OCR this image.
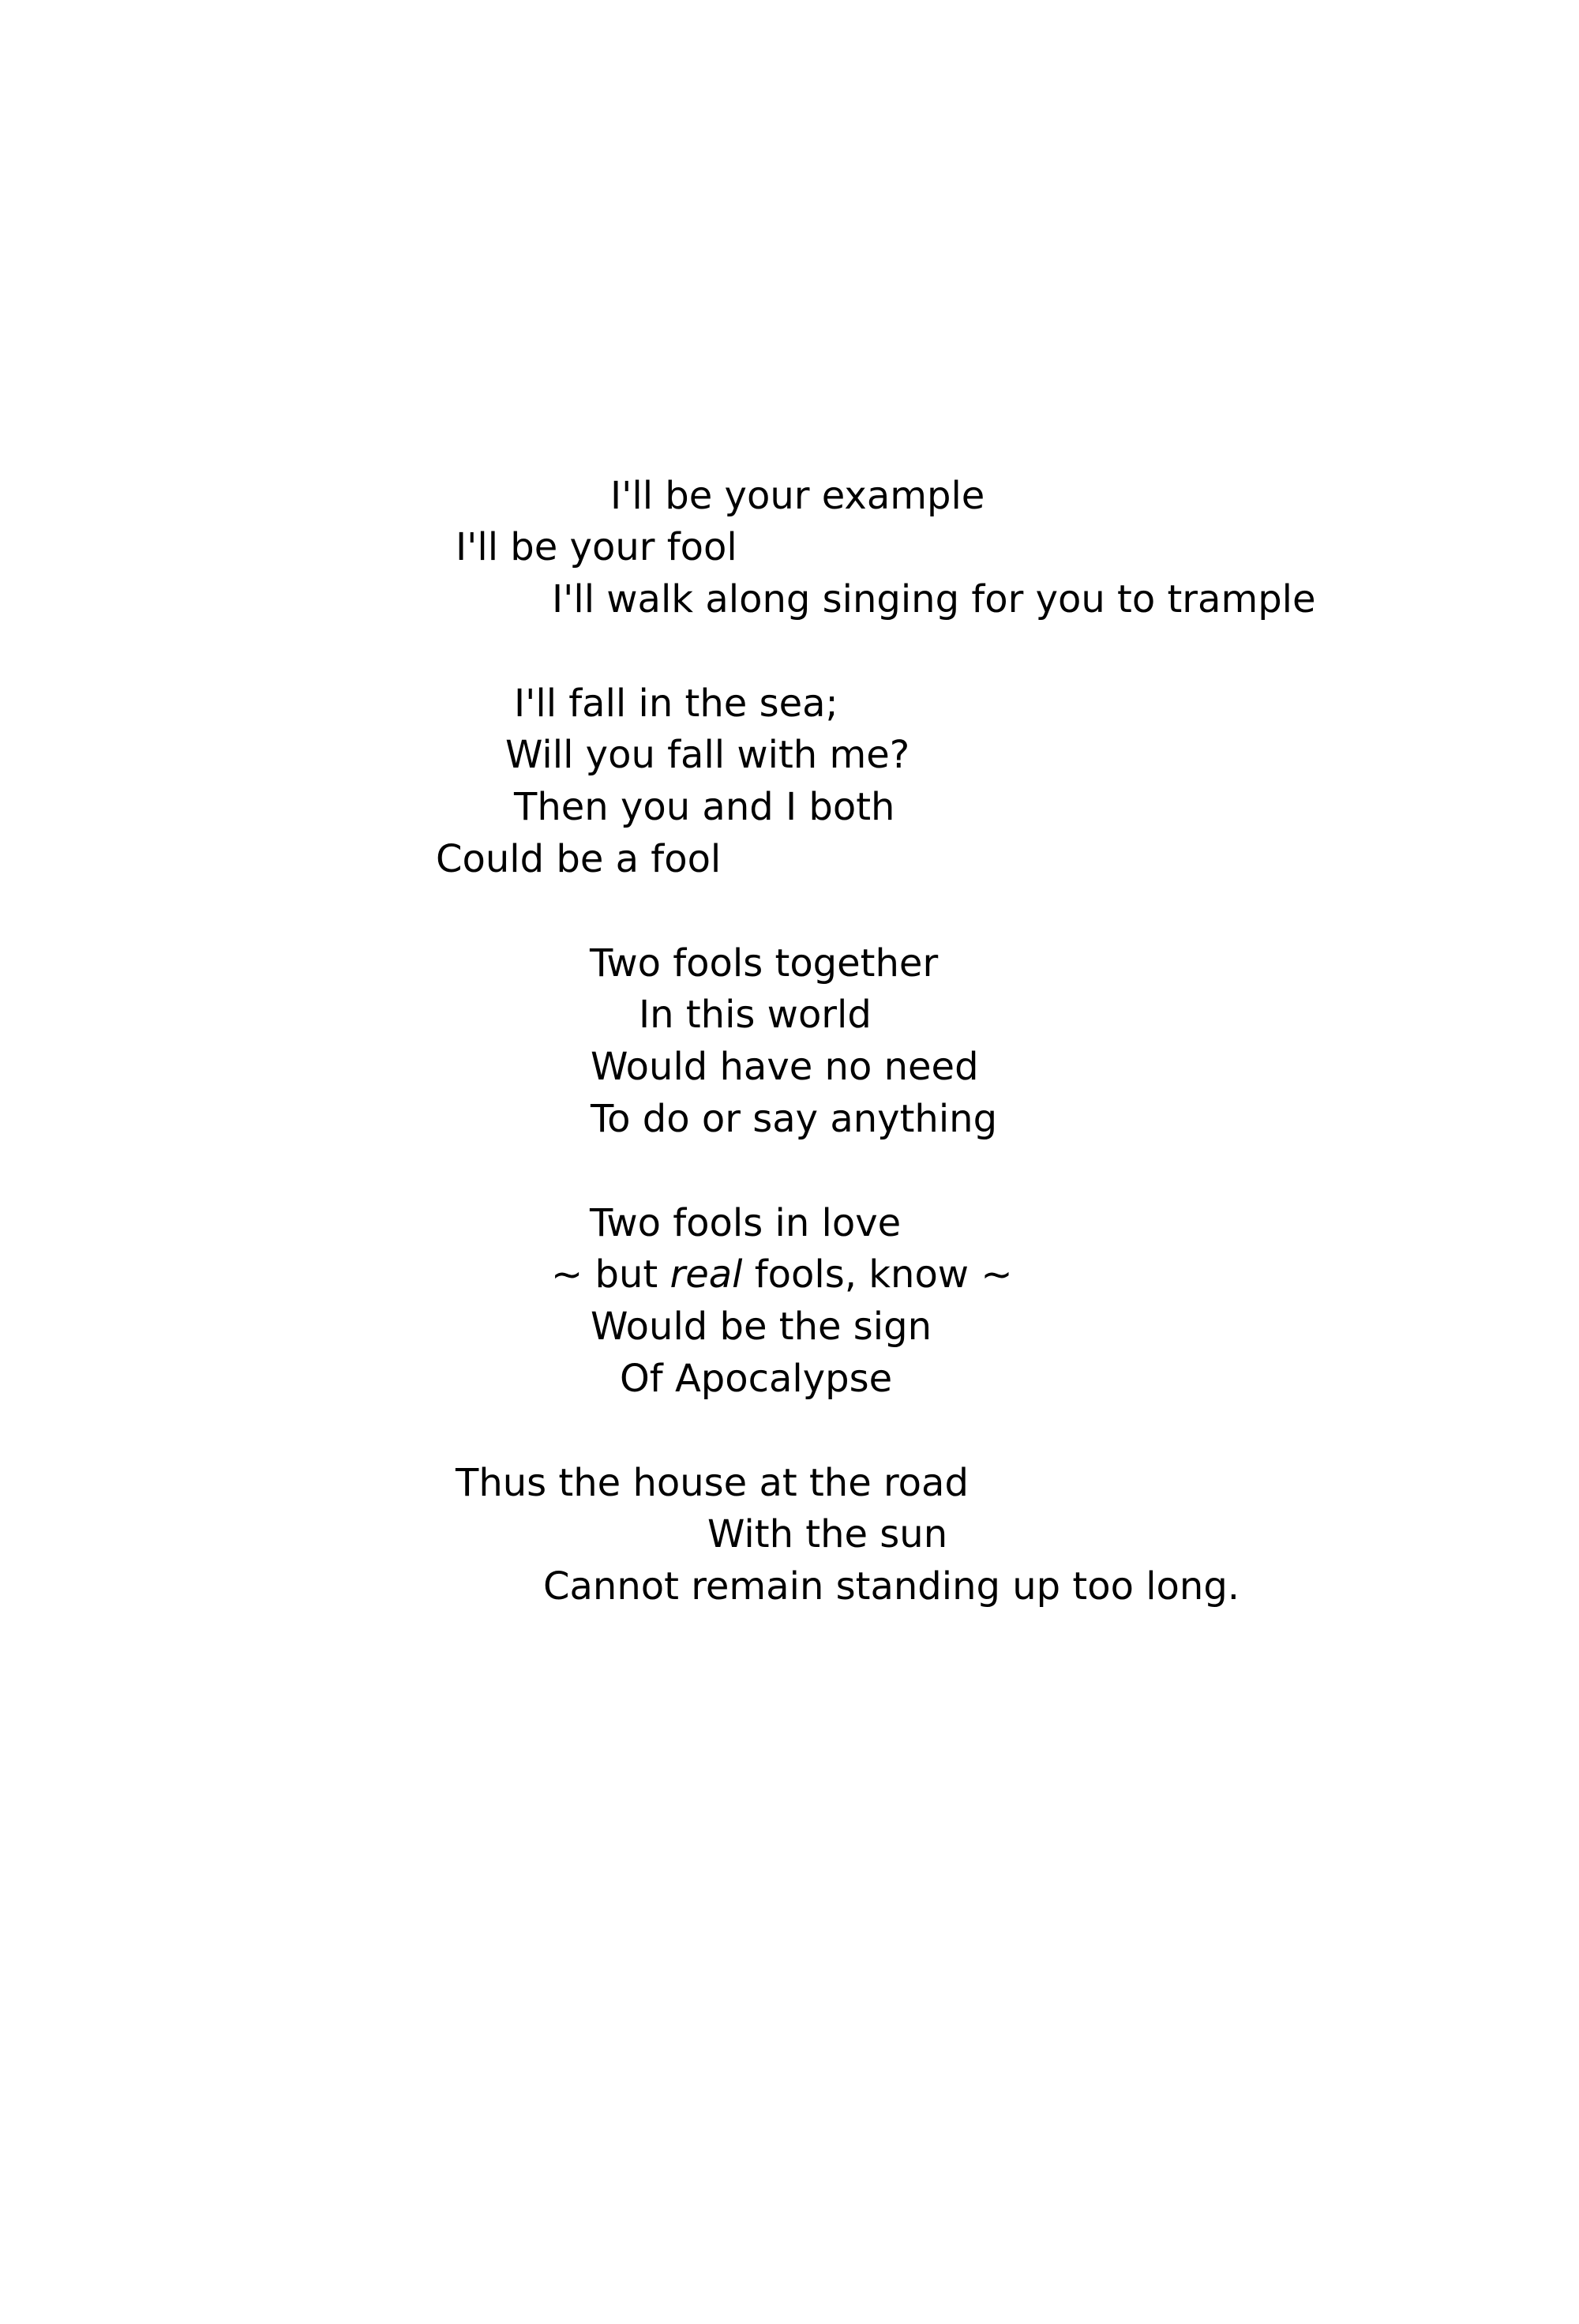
I'll be your example
I'll be your fool
I'll walk along singing for you to trample
I'll fall in the sea;
Will you fall with me?
Then you and I both
Could be a fool
Two fools together
In this world
Would have no need
To do or say anything
Two fools in love
~ but real fools, know ~
Would be the sign
Of Apocalypse
Thus the house at the road
With the sun
Cannot remain standing up too long.
